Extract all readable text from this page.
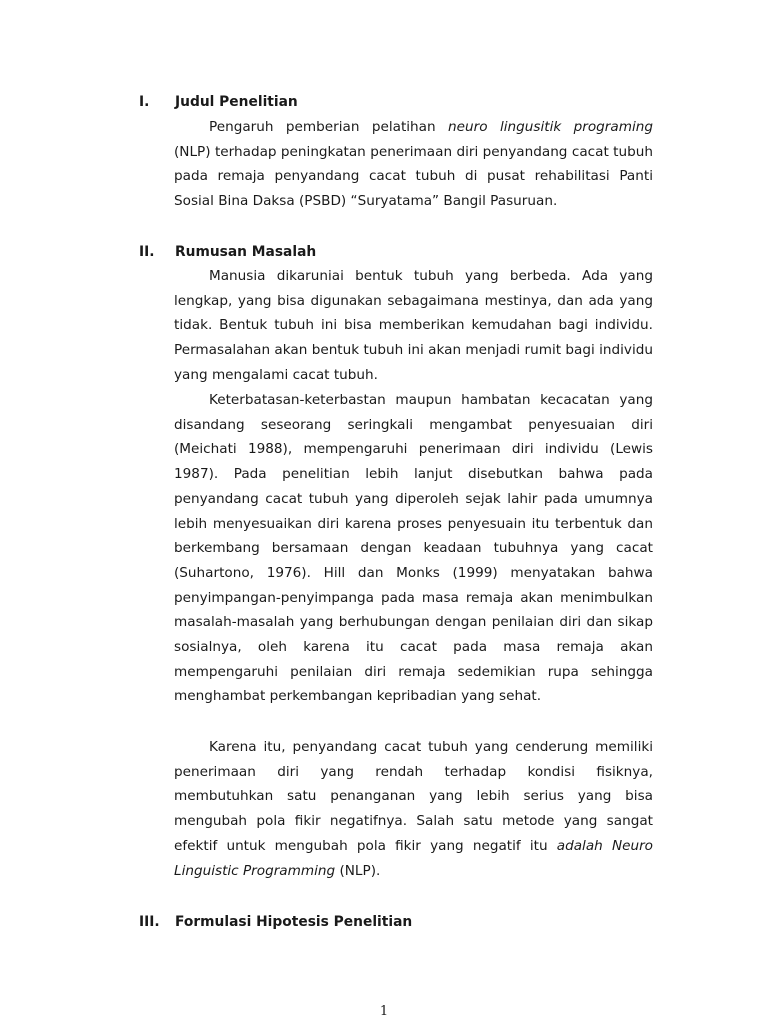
I. Judul Penelitian

Pengaruh pemberian pelatihan neuro lingusitik programing (NLP) terhadap peningkatan penerimaan diri penyandang cacat tubuh pada remaja penyandang cacat tubuh di pusat rehabilitasi Panti Sosial Bina Daksa (PSBD) “Suryatama” Bangil Pasuruan.

II. Rumusan Masalah

Manusia dikaruniai bentuk tubuh yang berbeda. Ada yang lengkap, yang bisa digunakan sebagaimana mestinya, dan ada yang tidak. Bentuk tubuh ini bisa memberikan kemudahan bagi individu. Permasalahan akan bentuk tubuh ini akan menjadi rumit bagi individu yang mengalami cacat tubuh.

Keterbatasan-keterbastan maupun hambatan kecacatan yang disandang seseorang seringkali mengambat penyesuaian diri (Meichati 1988), mempengaruhi penerimaan diri individu (Lewis 1987). Pada penelitian lebih lanjut disebutkan bahwa pada penyandang cacat tubuh yang diperoleh sejak lahir pada umumnya lebih menyesuaikan diri karena proses penyesuain itu terbentuk dan berkembang bersamaan dengan keadaan tubuhnya yang cacat (Suhartono, 1976). Hill dan Monks (1999) menyatakan bahwa penyimpangan-penyimpanga pada masa remaja akan menimbulkan masalah-masalah yang berhubungan dengan penilaian diri dan sikap sosialnya, oleh karena itu cacat pada masa remaja akan mempengaruhi penilaian diri remaja sedemikian rupa sehingga menghambat perkembangan kepribadian yang sehat.

Karena itu, penyandang cacat tubuh yang cenderung memiliki penerimaan diri yang rendah terhadap kondisi fisiknya, membutuhkan satu penanganan yang lebih serius yang bisa mengubah pola fikir negatifnya. Salah satu metode yang sangat efektif untuk mengubah pola fikir yang negatif itu adalah Neuro Linguistic Programming (NLP).

III. Formulasi Hipotesis Penelitian
1
